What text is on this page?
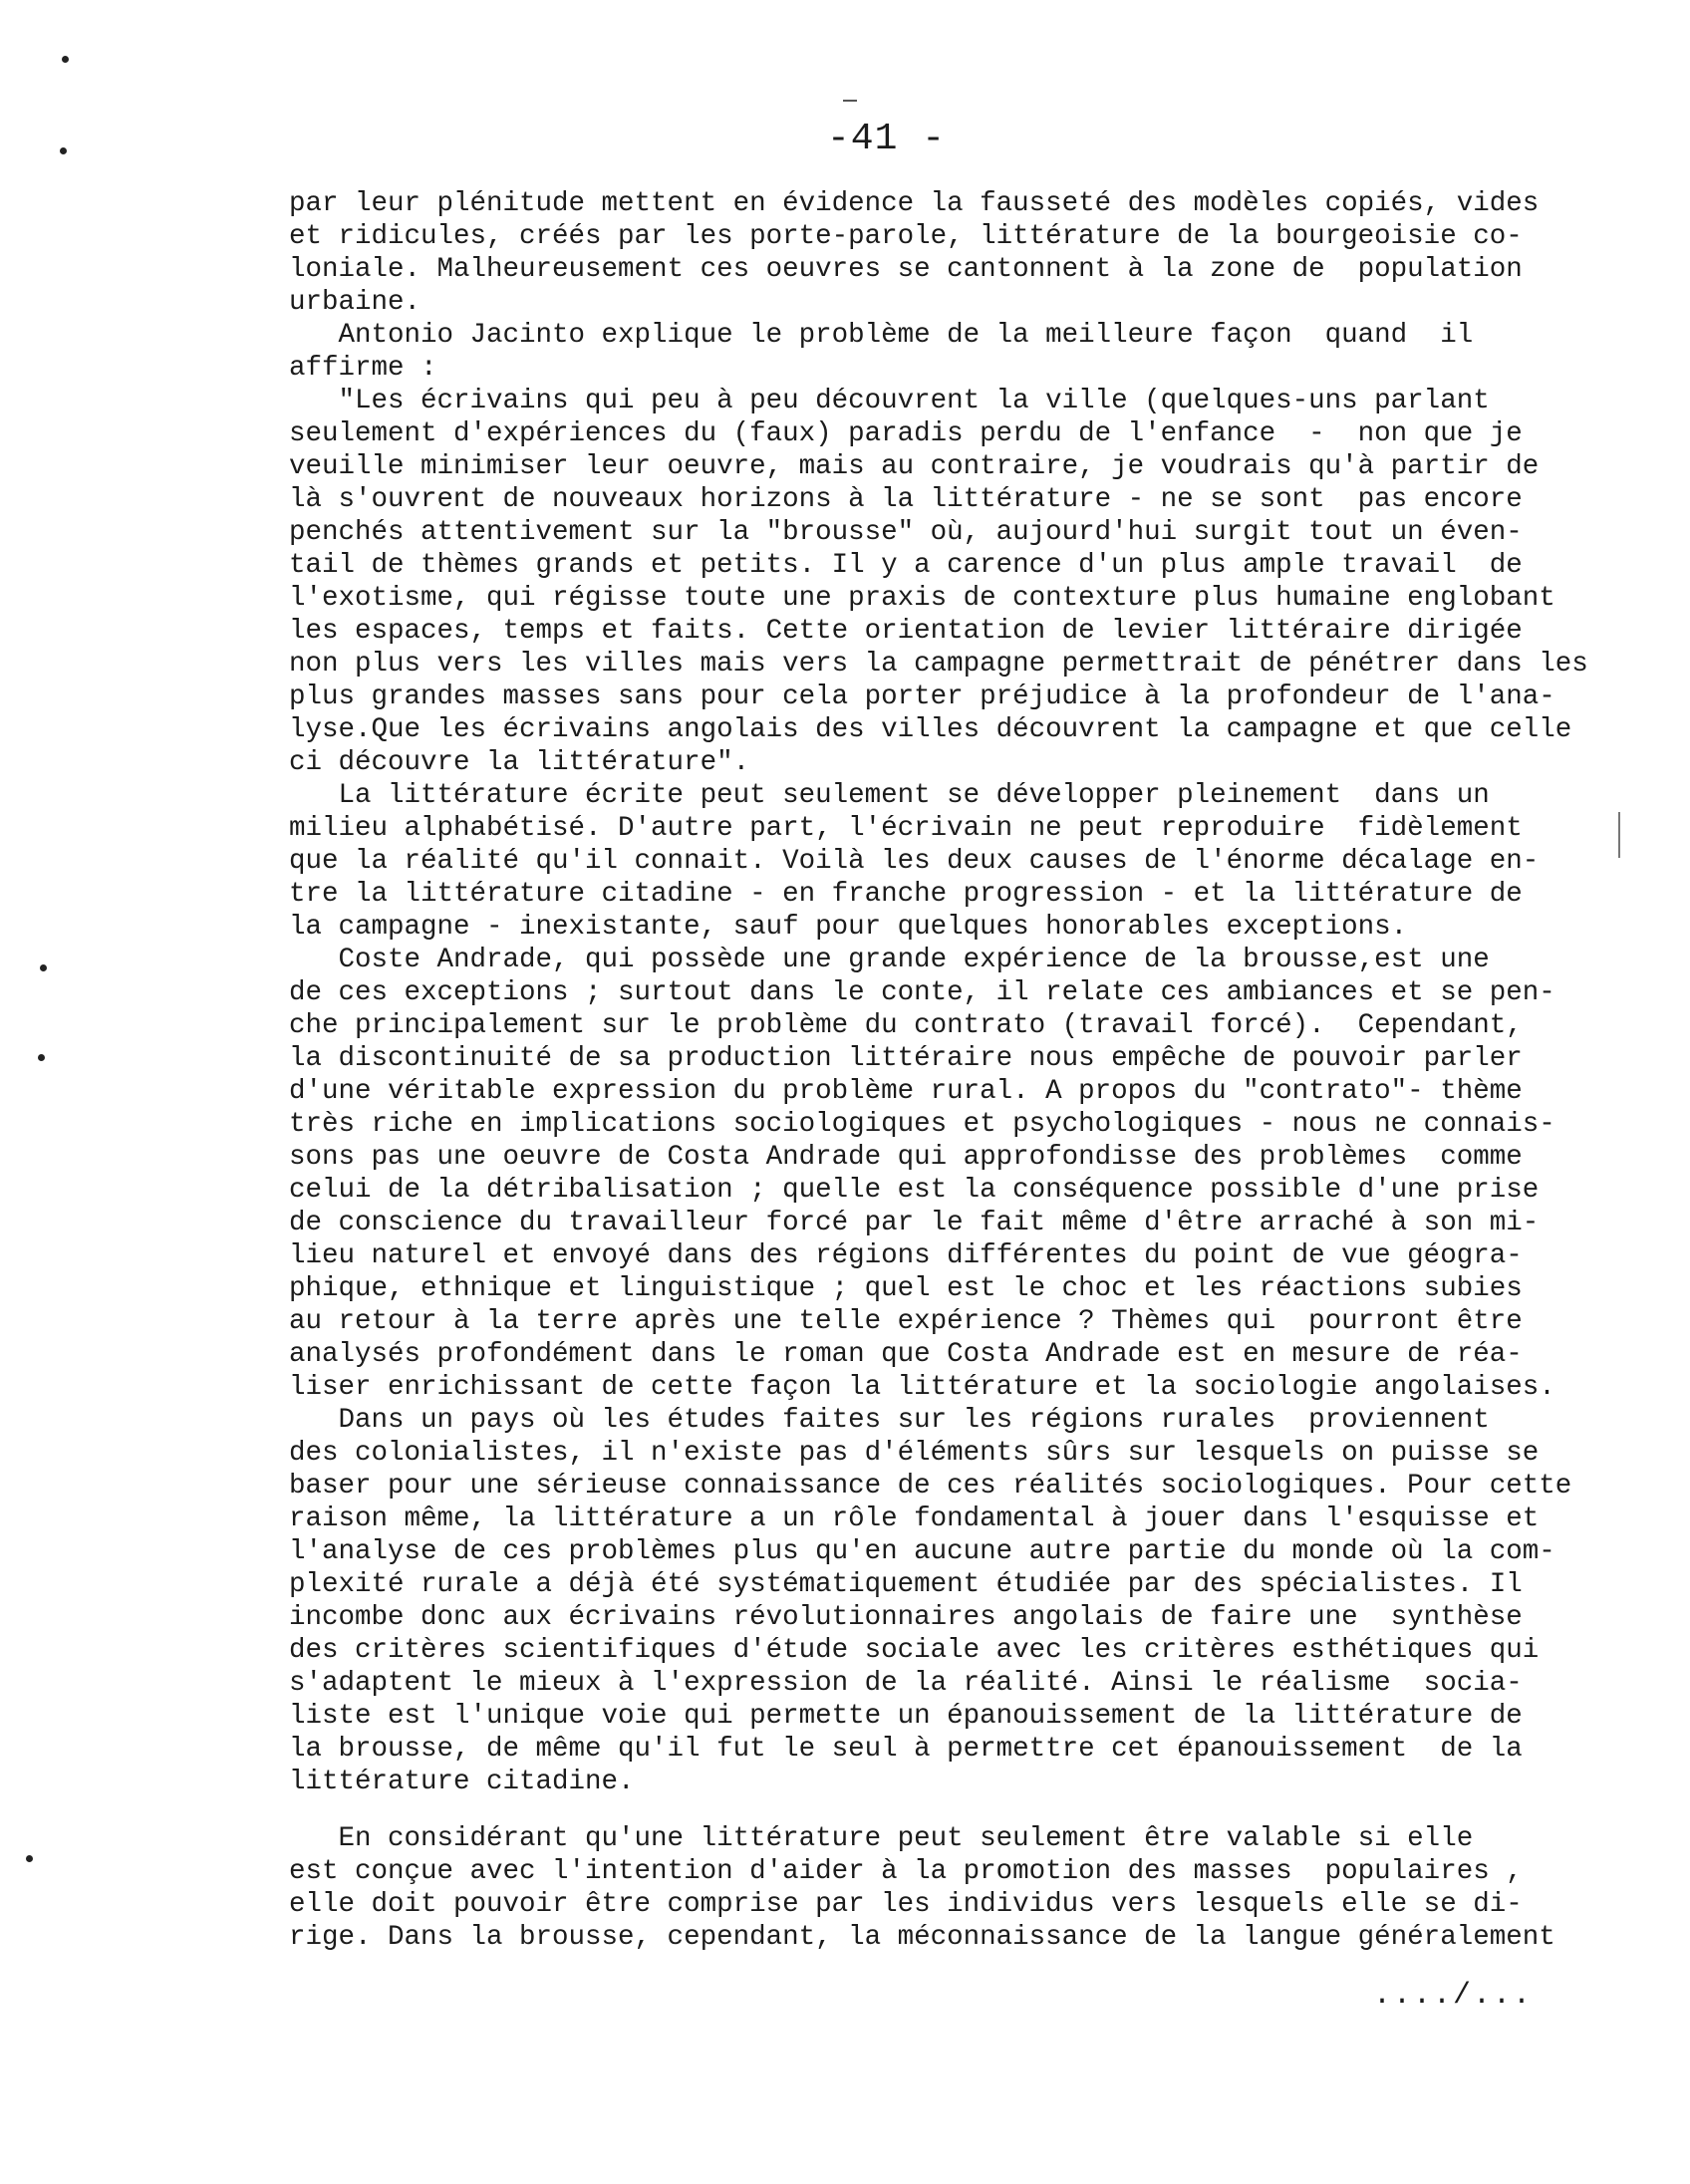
-41 -
par leur plénitude mettent en évidence la fausseté des modèles copiés, vides
et ridicules, créés par les porte-parole, littérature de la bourgeoisie co-
loniale. Malheureusement ces oeuvres se cantonnent à la zone de  population
urbaine.
Antonio Jacinto explique le problème de la meilleure façon  quand  il
affirme :
"Les écrivains qui peu à peu découvrent la ville (quelques-uns parlant
seulement d'expériences du (faux) paradis perdu de l'enfance  -  non que je
veuille minimiser leur oeuvre, mais au contraire, je voudrais qu'à partir de
là s'ouvrent de nouveaux horizons à la littérature - ne se sont  pas encore
penchés attentivement sur la "brousse" où, aujourd'hui surgit tout un éven-
tail de thèmes grands et petits. Il y a carence d'un plus ample travail  de
l'exotisme, qui régisse toute une praxis de contexture plus humaine englobant
les espaces, temps et faits. Cette orientation de levier littéraire dirigée
non plus vers les villes mais vers la campagne permettrait de pénétrer dans les
plus grandes masses sans pour cela porter préjudice à la profondeur de l'ana-
lyse.Que les écrivains angolais des villes découvrent la campagne et que celle
ci découvre la littérature".
La littérature écrite peut seulement se développer pleinement  dans un
milieu alphabétisé. D'autre part, l'écrivain ne peut reproduire  fidèlement
que la réalité qu'il connait. Voilà les deux causes de l'énorme décalage en-
tre la littérature citadine - en franche progression - et la littérature de
la campagne - inexistante, sauf pour quelques honorables exceptions.
Coste Andrade, qui possède une grande expérience de la brousse,est une
de ces exceptions ; surtout dans le conte, il relate ces ambiances et se pen-
che principalement sur le problème du contrato (travail forcé).  Cependant,
la discontinuité de sa production littéraire nous empêche de pouvoir parler
d'une véritable expression du problème rural. A propos du "contrato"- thème
très riche en implications sociologiques et psychologiques - nous ne connais-
sons pas une oeuvre de Costa Andrade qui approfondisse des problèmes  comme
celui de la détribalisation ; quelle est la conséquence possible d'une prise
de conscience du travailleur forcé par le fait même d'être arraché à son mi-
lieu naturel et envoyé dans des régions différentes du point de vue géogra-
phique, ethnique et linguistique ; quel est le choc et les réactions subies
au retour à la terre après une telle expérience ? Thèmes qui  pourront être
analysés profondément dans le roman que Costa Andrade est en mesure de réa-
liser enrichissant de cette façon la littérature et la sociologie angolaises.
Dans un pays où les études faites sur les régions rurales  proviennent
des colonialistes, il n'existe pas d'éléments sûrs sur lesquels on puisse se
baser pour une sérieuse connaissance de ces réalités sociologiques. Pour cette
raison même, la littérature a un rôle fondamental à jouer dans l'esquisse et
l'analyse de ces problèmes plus qu'en aucune autre partie du monde où la com-
plexité rurale a déjà été systématiquement étudiée par des spécialistes. Il
incombe donc aux écrivains révolutionnaires angolais de faire une  synthèse
des critères scientifiques d'étude sociale avec les critères esthétiques qui
s'adaptent le mieux à l'expression de la réalité. Ainsi le réalisme  socia-
liste est l'unique voie qui permette un épanouissement de la littérature de
la brousse, de même qu'il fut le seul à permettre cet épanouissement  de la
littérature citadine.
En considérant qu'une littérature peut seulement être valable si elle
est conçue avec l'intention d'aider à la promotion des masses  populaires ,
elle doit pouvoir être comprise par les individus vers lesquels elle se di-
rige. Dans la brousse, cependant, la méconnaissance de la langue généralement
..../...
